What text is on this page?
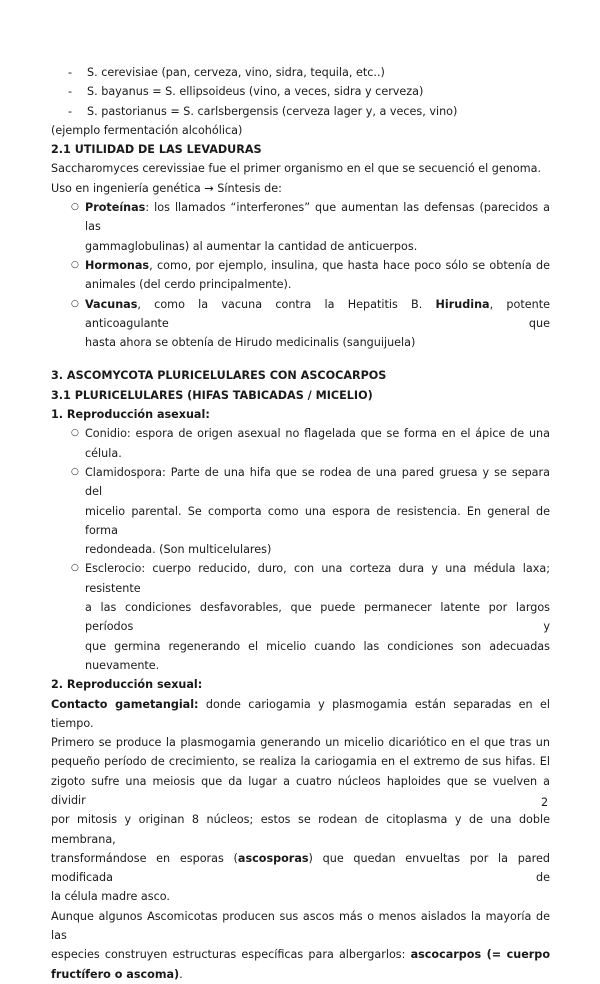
- S. cerevisiae (pan, cerveza, vino, sidra, tequila, etc..)
- S. bayanus = S. ellipsoideus (vino, a veces, sidra y cerveza)
- S. pastorianus = S. carlsbergensis (cerveza lager y, a veces, vino)
(ejemplo fermentación alcohólica)
2.1 UTILIDAD DE LAS LEVADURAS
Saccharomyces cerevissiae fue el primer organismo en el que se secuenció el genoma.
Uso en ingeniería genética → Síntesis de:
○ Proteínas: los llamados “interferones” que aumentan las defensas (parecidos a las
gammaglobulinas) al aumentar la cantidad de anticuerpos.
○ Hormonas, como, por ejemplo, insulina, que hasta hace poco sólo se obtenía de
animales (del cerdo principalmente).
○ Vacunas, como la vacuna contra la Hepatitis B. Hirudina, potente anticoagulante que
hasta ahora se obtenía de Hirudo medicinalis (sanguijuela)
3. ASCOMYCOTA PLURICELULARES CON ASCOCARPOS
3.1 PLURICELULARES (HIFAS TABICADAS / MICELIO)
1. Reproducción asexual:
○ Conidio: espora de origen asexual no flagelada que se forma en el ápice de una
célula.
○ Clamidospora: Parte de una hifa que se rodea de una pared gruesa y se separa del
micelio parental. Se comporta como una espora de resistencia. En general de forma
redondeada. (Son multicelulares)
○ Esclerocio: cuerpo reducido, duro, con una corteza dura y una médula laxa; resistente
a las condiciones desfavorables, que puede permanecer latente por largos períodos y
que germina regenerando el micelio cuando las condiciones son adecuadas
nuevamente.
2. Reproducción sexual:
Contacto gametangial: donde cariogamia y plasmogamia están separadas en el tiempo.
Primero se produce la plasmogamia generando un micelio dicariótico en el que tras un
pequeño período de crecimiento, se realiza la cariogamia en el extremo de sus hifas. El
zigoto sufre una meiosis que da lugar a cuatro núcleos haploides que se vuelven a dividir
por mitosis y originan 8 núcleos; estos se rodean de citoplasma y de una doble membrana,
transformándose en esporas (ascosporas) que quedan envueltas por la pared modificada de
la célula madre asco.
Aunque algunos Ascomicotas producen sus ascos más o menos aislados la mayoría de las
especies construyen estructuras específicas para albergarlos: ascocarpos (= cuerpo
fructífero o ascoma).
2
